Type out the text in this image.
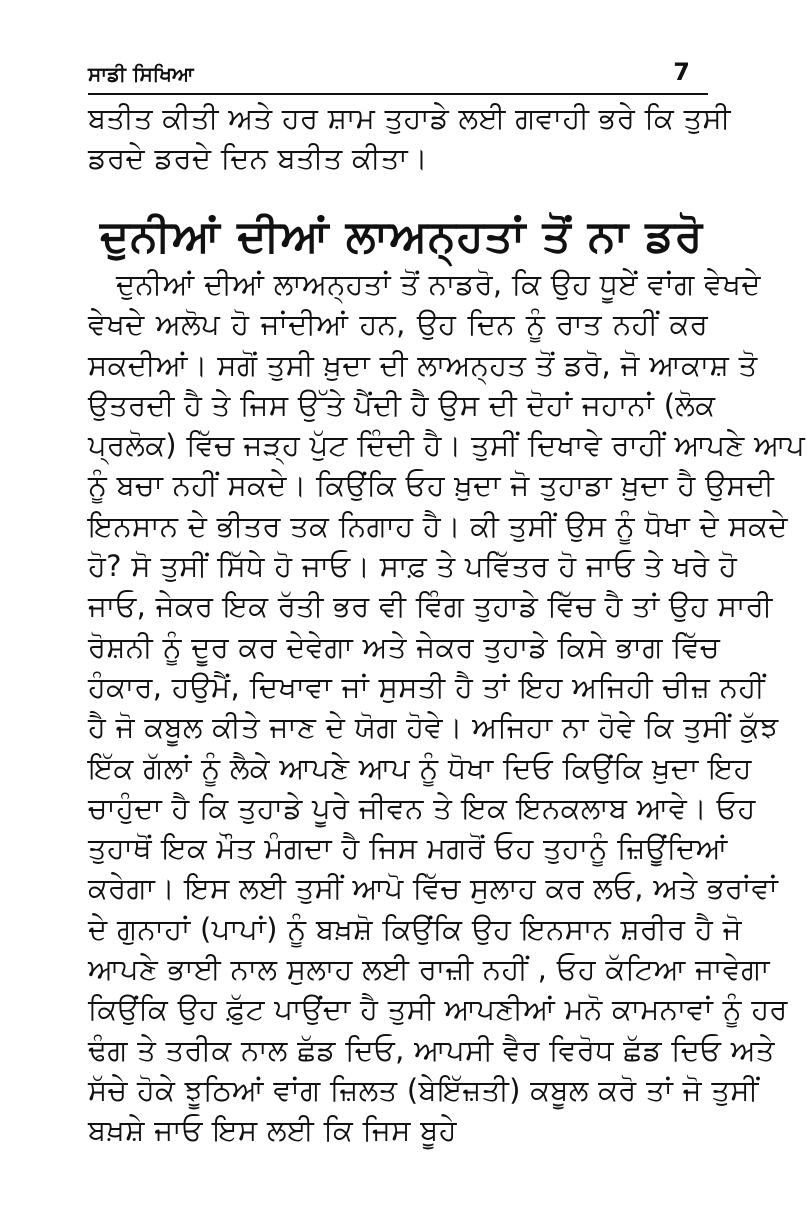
ਸਾਡੀ ਸਿਖਿਆ	7
ਬਤੀਤ ਕੀਤੀ ਅਤੇ ਹਰ ਸ਼ਾਮ ਤੁਹਾਡੇ ਲਈ ਗਵਾਹੀ ਭਰੇ ਕਿ ਤੁਸੀ
ਡਰਦੇ ਡਰਦੇ ਦਿਨ ਬਤੀਤ ਕੀਤਾ।
ਦੁਨੀਆਂ ਦੀਆਂ ਲਾਅਨ੍ਹਤਾਂ ਤੋਂ ਨਾ ਡਰੋ
ਦੁਨੀਆਂ ਦੀਆਂ ਲਾਅਨ੍ਹਤਾਂ ਤੋਂ ਨਾਡਰੋ, ਕਿ ਉਹ ਧੂਏਂ ਵਾਂਗ ਵੇਖਦੇ
ਵੇਖਦੇ ਅਲੋਪ ਹੋ ਜਾਂਦੀਆਂ ਹਨ, ਉਹ ਦਿਨ ਨੂੰ ਰਾਤ ਨਹੀਂ ਕਰ
ਸਕਦੀਆਂ। ਸਗੋਂ ਤੁਸੀ ਖ਼ੁਦਾ ਦੀ ਲਾਅਨ੍ਹਤ ਤੋਂ ਡਰੋ, ਜੋ ਆਕਾਸ਼ ਤੋ
ਉਤਰਦੀ ਹੈ ਤੇ ਜਿਸ ਉੱਤੇ ਪੈਂਦੀ ਹੈ ਉਸ ਦੀ ਦੋਹਾਂ ਜਹਾਨਾਂ (ਲੋਕ
ਪ੍ਰਲੋਕ) ਵਿੱਚ ਜੜ੍ਹ ਪੁੱਟ ਦਿੰਦੀ ਹੈ। ਤੁਸੀਂ ਦਿਖਾਵੇ ਰਾਹੀਂ ਆਪਣੇ ਆਪ
ਨੂੰ ਬਚਾ ਨਹੀਂ ਸਕਦੇ। ਕਿਉਂਕਿ ਓਹ ਖ਼ੁਦਾ ਜੋ ਤੁਹਾਡਾ ਖ਼ੁਦਾ ਹੈ ਉਸਦੀ
ਇਨਸਾਨ ਦੇ ਭੀਤਰ ਤਕ ਨਿਗਾਹ ਹੈ। ਕੀ ਤੁਸੀਂ ਉਸ ਨੂੰ ਧੋਖਾ ਦੇ ਸਕਦੇ
ਹੋ? ਸੋ ਤੁਸੀਂ ਸਿੱਧੇ ਹੋ ਜਾਓ। ਸਾਫ਼ ਤੇ ਪਵਿੱਤਰ ਹੋ ਜਾਓ ਤੇ ਖਰੇ ਹੋ
ਜਾਓ, ਜੇਕਰ ਇਕ ਰੱਤੀ ਭਰ ਵੀ ਵਿੰਗ ਤੁਹਾਡੇ ਵਿੱਚ ਹੈ ਤਾਂ ਉਹ ਸਾਰੀ
ਰੋਸ਼ਨੀ ਨੂੰ ਦੂਰ ਕਰ ਦੇਵੇਗਾ ਅਤੇ ਜੇਕਰ ਤੁਹਾਡੇ ਕਿਸੇ ਭਾਗ ਵਿੱਚ
ਹੰਕਾਰ, ਹਉਮੈਂ, ਦਿਖਾਵਾ ਜਾਂ ਸੁਸਤੀ ਹੈ ਤਾਂ ਇਹ ਅਜਿਹੀ ਚੀਜ਼ ਨਹੀਂ
ਹੈ ਜੋ ਕਬੂਲ ਕੀਤੇ ਜਾਣ ਦੇ ਯੋਗ ਹੋਵੇ। ਅਜਿਹਾ ਨਾ ਹੋਵੇ ਕਿ ਤੁਸੀਂ ਕੁੱਝ
ਇੱਕ ਗੱਲਾਂ ਨੂੰ ਲੈਕੇ ਆਪਣੇ ਆਪ ਨੂੰ ਧੋਖਾ ਦਿਓ ਕਿਉਂਕਿ ਖ਼ੁਦਾ ਇਹ
ਚਾਹੁੰਦਾ ਹੈ ਕਿ ਤੁਹਾਡੇ ਪੂਰੇ ਜੀਵਨ ਤੇ ਇਕ ਇਨਕਲਾਬ ਆਵੇ। ਓਹ
ਤੁਹਾਥੋਂ ਇਕ ਮੌਤ ਮੰਗਦਾ ਹੈ ਜਿਸ ਮਗਰੋਂ ਓਹ ਤੁਹਾਨੂੰ ਜ਼ਿਊਂਦਿਆਂ
ਕਰੇਗਾ। ਇਸ ਲਈ ਤੁਸੀਂ ਆਪੋ ਵਿੱਚ ਸੁਲਾਹ ਕਰ ਲਓ, ਅਤੇ ਭਰਾਂਵਾਂ
ਦੇ ਗੁਨਾਹਾਂ (ਪਾਪਾਂ) ਨੂੰ ਬਖ਼ਸ਼ੋ ਕਿਉਂਕਿ ਉਹ ਇਨਸਾਨ ਸ਼ਰੀਰ ਹੈ ਜੋ
ਆਪਣੇ ਭਾਈ ਨਾਲ ਸੁਲਾਹ ਲਈ ਰਾਜ਼ੀ ਨਹੀਂ , ਓਹ ਕੱਟਿਆ ਜਾਵੇਗਾ
ਕਿਉਂਕਿ ਉਹ ਫ਼ੁੱਟ ਪਾਉਂਦਾ ਹੈ ਤੁਸੀ ਆਪਣੀਆਂ ਮਨੋ ਕਾਮਨਾਵਾਂ ਨੂੰ ਹਰ
ਢੰਗ ਤੇ ਤਰੀਕ ਨਾਲ ਛੱਡ ਦਿਓ, ਆਪਸੀ ਵੈਰ ਵਿਰੋਧ ਛੱਡ ਦਿਓ ਅਤੇ
ਸੱਚੇ ਹੋਕੇ ਝੂਠਿਆਂ ਵਾਂਗ ਜ਼ਿਲਤ (ਬੇਇੱਜ਼ਤੀ) ਕਬੂਲ ਕਰੋ ਤਾਂ ਜੋ ਤੁਸੀਂ
ਬਖ਼ਸ਼ੇ ਜਾਓ ਇਸ ਲਈ ਕਿ ਜਿਸ ਬੂਹੇ
